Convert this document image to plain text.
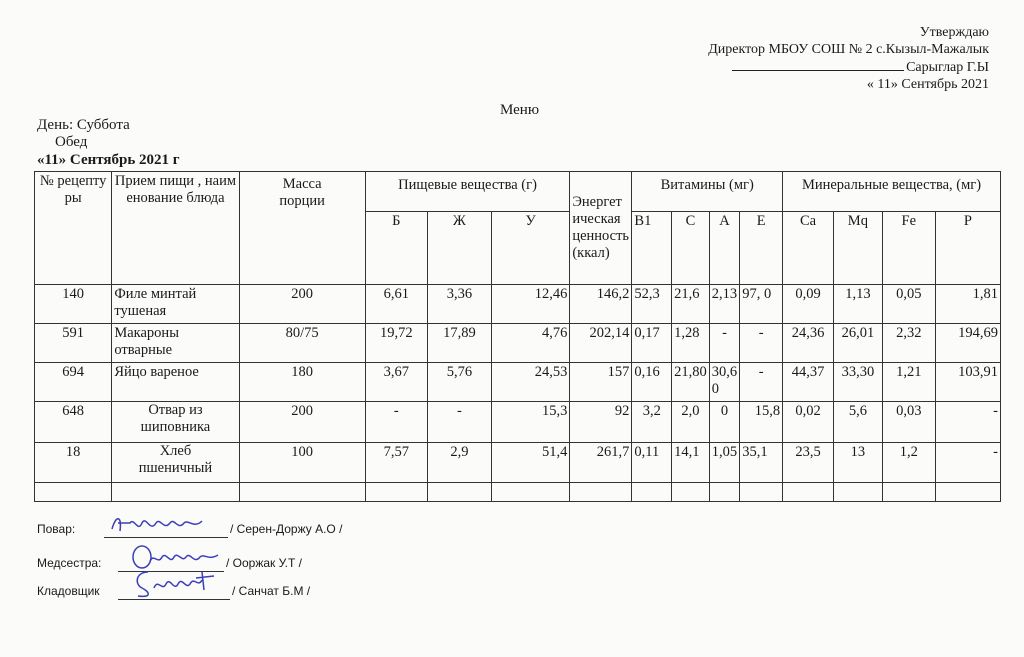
Утверждаю
Директор МБОУ СОШ № 2 с.Кызыл-Мажалык
Сарыглар Г.Ы
« 11» Сентябрь 2021
Меню
День: Суббота
Обед
«11» Сентябрь 2021 г
№ рецептуры	Прием пищи , наименование блюда	Масса порции	Пищевые вещества (г)			Энергетическая ценность (ккал)	Витамины (мг)				Минеральные вещества, (мг)			
			Б	Ж	У		В1	С	А	Е	Са	Mq	Fe	Р
140	Филе минтай тушеная	200	6,61	3,36	12,46	146,2	52,3	21,6	2,13	97, 0	0,09	1,13	0,05	1,81
591	Макароны отварные	80/75	19,72	17,89	4,76	202,14	0,17	1,28	-	-	24,36	26,01	2,32	194,69
694	Яйцо вареное	180	3,67	5,76	24,53	157	0,16	21,80	30,60	-	44,37	33,30	1,21	103,91
648	Отвар из шиповника	200	-	-	15,3	92	3,2	2,0	0	15,8	0,02	5,6	0,03	-
18	Хлеб пшеничный	100	7,57	2,9	51,4	261,7	0,11	14,1	1,05	35,1	23,5	13	1,2	-

Повар:	/ Серен-Доржу А.О /
Медсестра:	/ Ооржак У.Т /
Кладовщик	/ Санчат Б.М /
